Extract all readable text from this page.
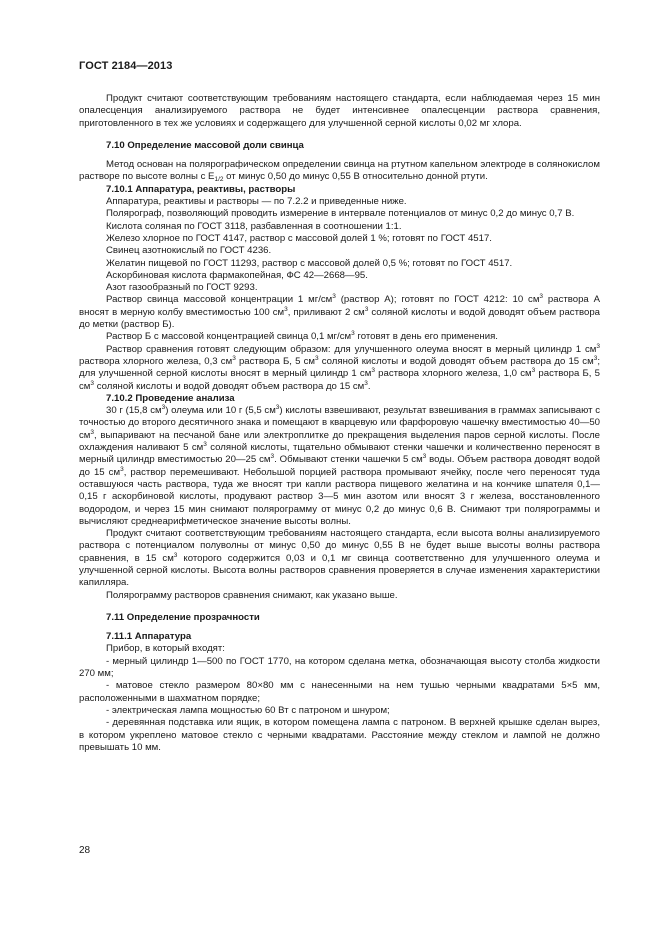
ГОСТ 2184—2013

Продукт считают соответствующим требованиям настоящего стандарта, если наблюдаемая через 15 мин опалесценция анализируемого раствора не будет интенсивнее опалесценции раствора сравнения, приготовленного в тех же условиях и содержащего для улучшенной серной кислоты 0,02 мг хлора.

7.10 Определение массовой доли свинца

Метод основан на полярографическом определении свинца на ртутном капельном электроде в солянокислом растворе по высоте волны с $E_{1/2}$ от минус 0,50 до минус 0,55 В относительно донной ртути.

7.10.1 Аппаратура, реактивы, растворы

Аппаратура, реактивы и растворы — по 7.2.2 и приведенные ниже.

Полярограф, позволяющий проводить измерение в интервале потенциалов от минус 0,2 до минус 0,7 В.

Кислота соляная по ГОСТ 3118, разбавленная в соотношении 1:1.

Железо хлорное по ГОСТ 4147, раствор с массовой долей 1 %; готовят по ГОСТ 4517.

Свинец азотнокислый по ГОСТ 4236.

Желатин пищевой по ГОСТ 11293, раствор с массовой долей 0,5 %; готовят по ГОСТ 4517.

Аскорбиновая кислота фармакопейная, ФС 42—2668—95.

Азот газообразный по ГОСТ 9293.

Раствор свинца массовой концентрации 1 $мг/см^3$ (раствор А); готовят по ГОСТ 4212: 10 $см^3$ раствора А вносят в мерную колбу вместимостью 100 $см^3$, приливают 2 $см^3$ соляной кислоты и водой доводят объем раствора до метки (раствор Б).

Раствор Б с массовой концентрацией свинца 0,1 $мг/см^3$ готовят в день его применения.

Раствор сравнения готовят следующим образом: для улучшенного олеума вносят в мерный цилиндр 1 $см^3$ раствора хлорного железа, 0,3 $см^3$ раствора Б, 5 $см^3$ соляной кислоты и водой доводят объем раствора до 15 $см^3$; для улучшенной серной кислоты вносят в мерный цилиндр 1 $см^3$ раствора хлорного железа, 1,0 $см^3$ раствора Б, 5 $см^3$ соляной кислоты и водой доводят объем раствора до 15 $см^3$.

7.10.2 Проведение анализа

30 г (15,8 $см^3$) олеума или 10 г (5,5 $см^3$) кислоты взвешивают, результат взвешивания в граммах записывают с точностью до второго десятичного знака и помещают в кварцевую или фарфоровую чашечку вместимостью 40—50 $см^3$, выпаривают на песчаной бане или электроплитке до прекращения выделения паров серной кислоты. После охлаждения наливают 5 $см^3$ соляной кислоты, тщательно обмывают стенки чашечки и количественно переносят в мерный цилиндр вместимостью 20—25 $см^3$. Обмывают стенки чашечки 5 $см^3$ воды. Объем раствора доводят водой до 15 $см^3$, раствор перемешивают. Небольшой порцией раствора промывают ячейку, после чего переносят туда оставшуюся часть раствора, туда же вносят три капли раствора пищевого желатина и на кончике шпателя 0,1—0,15 г аскорбиновой кислоты, продувают раствор 3—5 мин азотом или вносят 3 г железа, восстановленного водородом, и через 15 мин снимают полярограмму от минус 0,2 до минус 0,6 В. Снимают три полярограммы и вычисляют среднеарифметическое значение высоты волны.

Продукт считают соответствующим требованиям настоящего стандарта, если высота волны анализируемого раствора с потенциалом полуволны от минус 0,50 до минус 0,55 В не будет выше высоты волны раствора сравнения, в 15 $см^3$ которого содержится 0,03 и 0,1 мг свинца соответственно для улучшенного олеума и улучшенной серной кислоты. Высота волны растворов сравнения проверяется в случае изменения характеристики капилляра.

Полярограмму растворов сравнения снимают, как указано выше.

7.11 Определение прозрачности
7.11.1 Аппаратура

Прибор, в который входят:

- мерный цилиндр 1—500 по ГОСТ 1770, на котором сделана метка, обозначающая высоту столба жидкости 270 мм;

- матовое стекло размером 80×80 мм с нанесенными на нем тушью черными квадратами 5×5 мм, расположенными в шахматном порядке;

- электрическая лампа мощностью 60 Вт с патроном и шнуром;

- деревянная подставка или ящик, в котором помещена лампа с патроном. В верхней крышке сделан вырез, в котором укреплено матовое стекло с черными квадратами. Расстояние между стеклом и лампой не должно превышать 10 мм.

28
